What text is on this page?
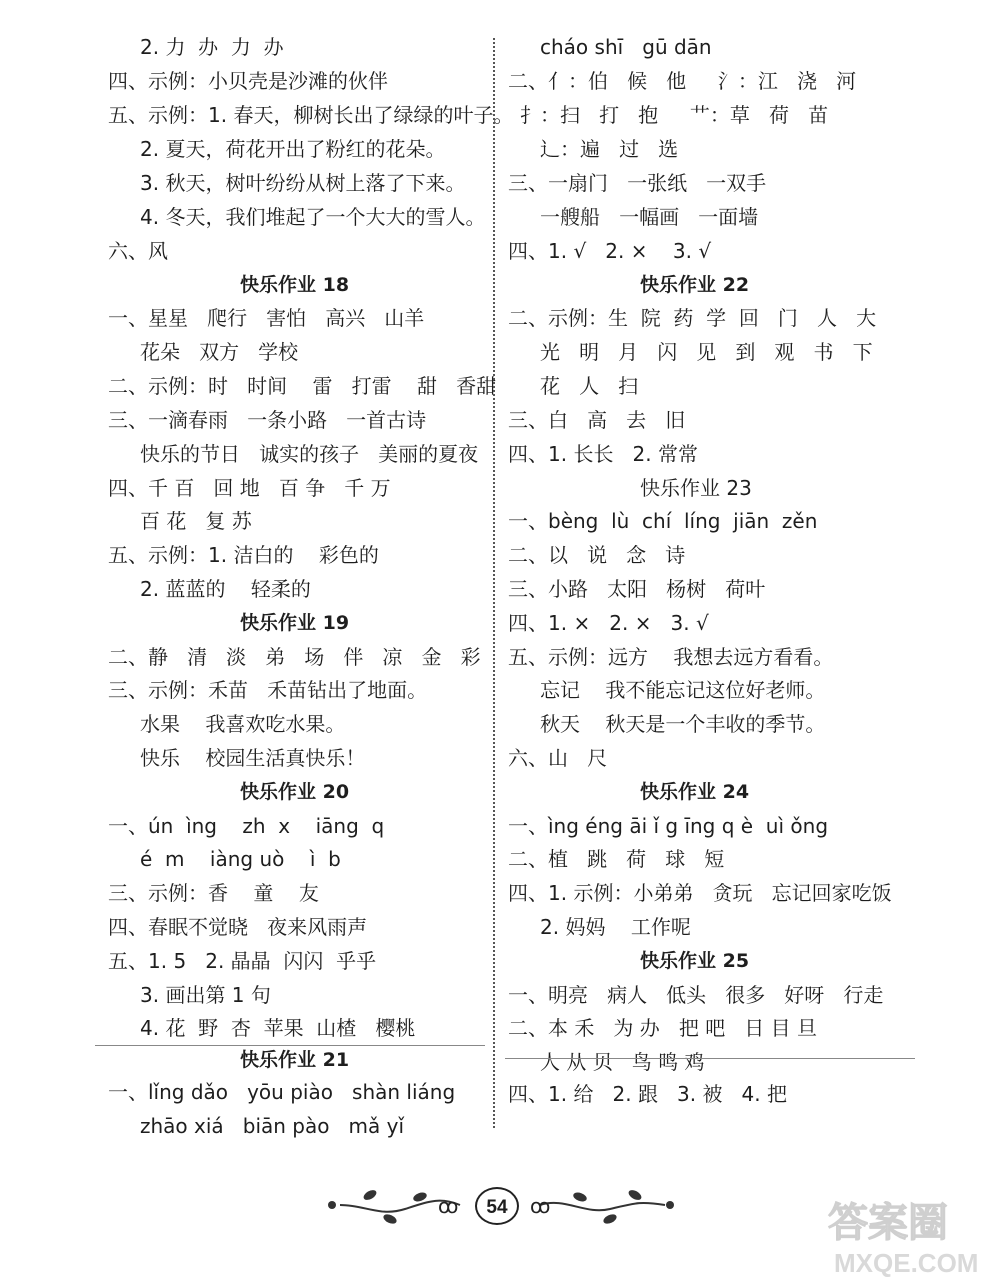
2. 力  办  力  办
四、示例：小贝壳是沙滩的伙伴
五、示例：1. 春天，柳树长出了绿绿的叶子。
2. 夏天，荷花开出了粉红的花朵。
3. 秋天，树叶纷纷从树上落了下来。
4. 冬天，我们堆起了一个大大的雪人。
六、风
快乐作业 18
一、星星   爬行   害怕   高兴   山羊
花朵   双方   学校
二、示例：时   时间    雷   打雷    甜   香甜
三、一滴春雨   一条小路   一首古诗
快乐的节日   诚实的孩子   美丽的夏夜
四、千 百   回 地   百 争   千 万
百 花   复 苏
五、示例：1. 洁白的    彩色的
2. 蓝蓝的    轻柔的
快乐作业 19
二、静   清   淡   弟   场   伴   凉   金   彩
三、示例：禾苗   禾苗钻出了地面。
水果    我喜欢吃水果。
快乐    校园生活真快乐！
快乐作业 20
一、ún  ìng    zh  x    iāng  q
é  m    iàng uò    ì  b
三、示例：香    童    友
四、春眠不觉晓   夜来风雨声
五、1. 5   2. 晶晶  闪闪  乎乎
3. 画出第 1 句
4. 花  野  杏  苹果  山楂   樱桃
快乐作业 21
一、lǐng dǎo   yōu piào   shàn liáng
zhāo xiá   biān pào   mǎ yǐ
cháo shī   gū dān
二、亻：伯   候   他     氵：江   浇   河
扌：扫   打   抱     艹：草   荷   苗
辶：遍   过   选
三、一扇门   一张纸   一双手
一艘船   一幅画   一面墙
四、1. √   2. ×    3. √
快乐作业 22
二、示例：生  院  药  学  回   门   人   大
光   明   月   闪   见   到   观   书   下
花   人   扫
三、白   高   去   旧
四、1. 长长   2. 常常
快乐作业 23
一、bèng  lù  chí  líng  jiān  zěn
二、以   说   念   诗
三、小路   太阳   杨树   荷叶
四、1. ×   2. ×   3. √
五、示例：远方    我想去远方看看。
忘记    我不能忘记这位好老师。
秋天    秋天是一个丰收的季节。
六、山   尺
快乐作业 24
一、ìng éng āi ǐ g īng q è  uì ǒng
二、植   跳   荷   球   短
四、1. 示例：小弟弟   贪玩   忘记回家吃饭
2. 妈妈    工作呢
快乐作业 25
一、明亮   病人   低头   很多   好呀   行走
二、本 禾   为 办   把 吧   日 目 旦
人 从 贝   鸟 鸣 鸡
四、1. 给   2. 跟   3. 被   4. 把
ꝏ	ꝏ
54	答案圈
MXQE.COM
